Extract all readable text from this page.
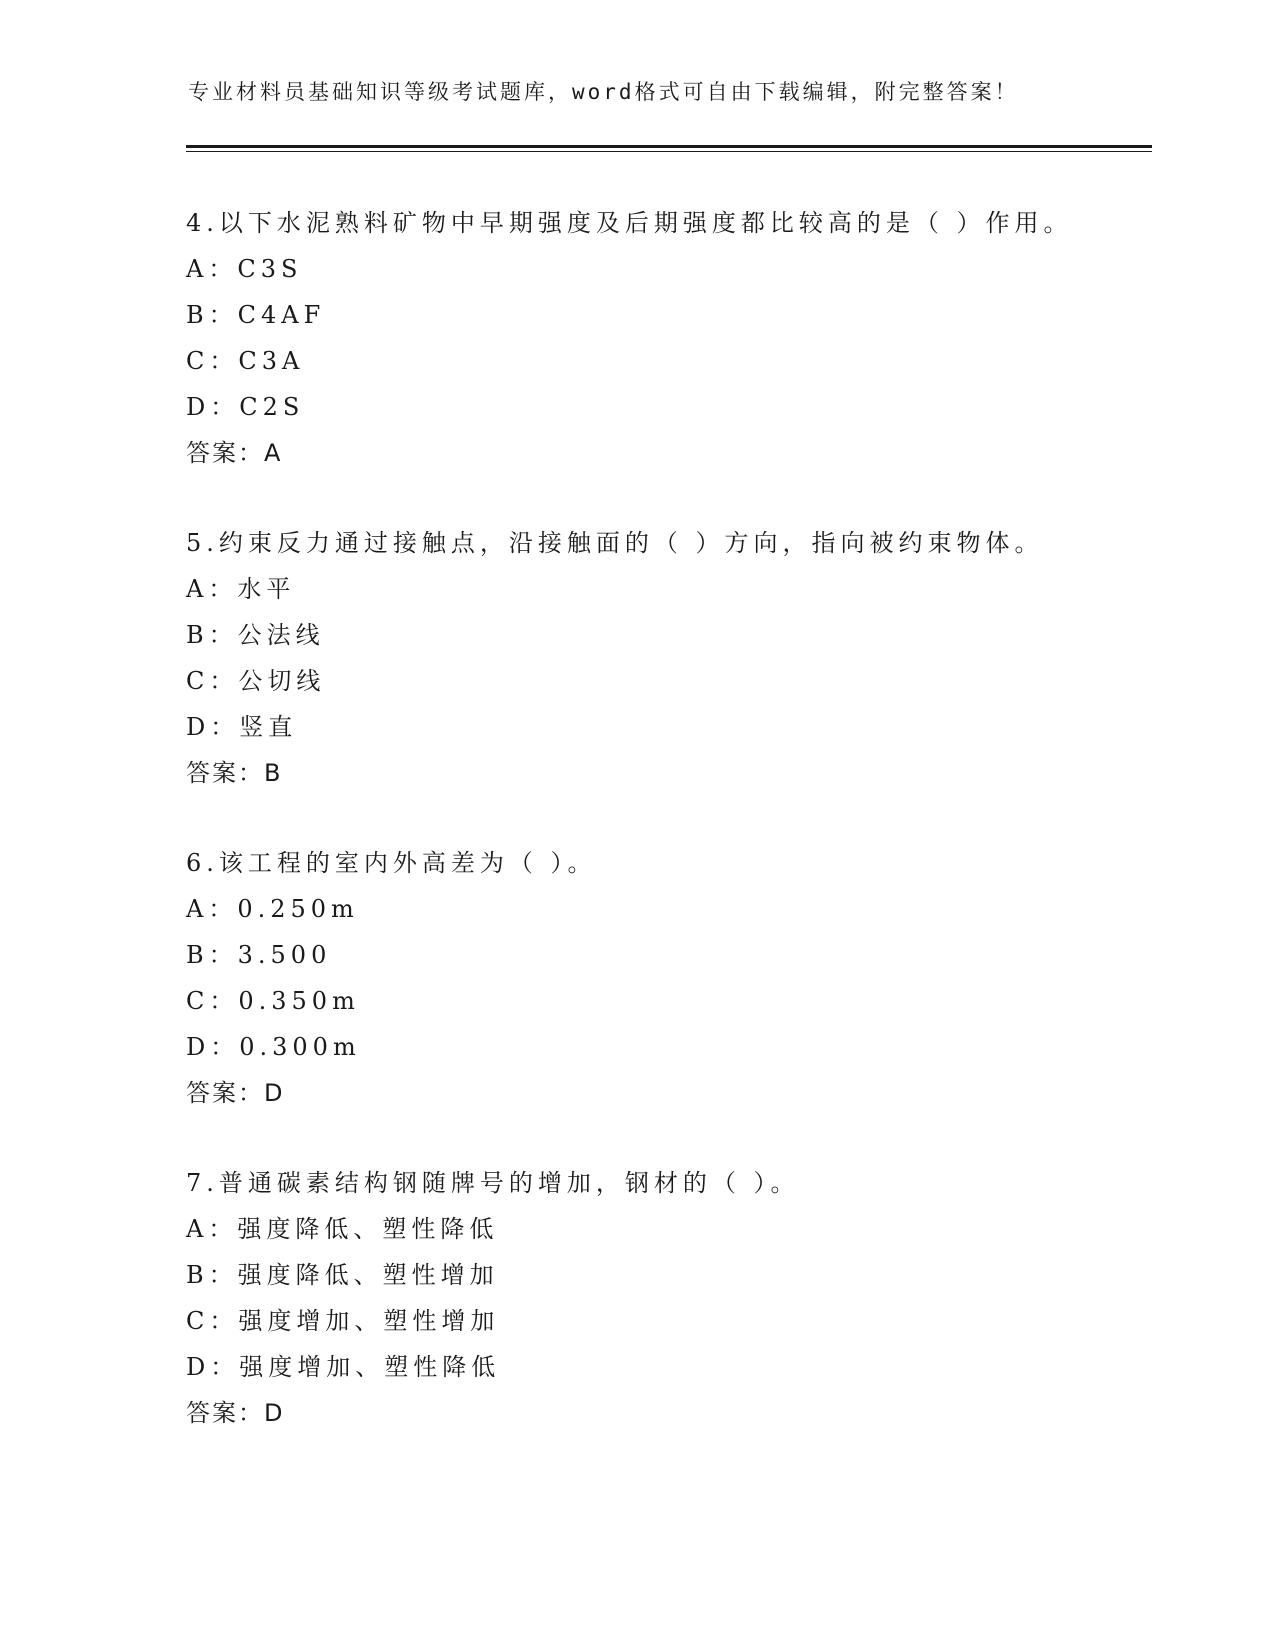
专业材料员基础知识等级考试题库，word格式可自由下载编辑，附完整答案！
4.以下水泥熟料矿物中早期强度及后期强度都比较高的是（ ）作用。
A：C3S
B：C4AF
C：C3A
D：C2S
答案：A
5.约束反力通过接触点，沿接触面的（ ）方向，指向被约束物体。
A：水平
B：公法线
C：公切线
D：竖直
答案：B
6.该工程的室内外高差为（ ）。
A：0.250m
B：3.500
C：0.350m
D：0.300m
答案：D
7.普通碳素结构钢随牌号的增加，钢材的（ ）。
A：强度降低、塑性降低
B：强度降低、塑性增加
C：强度增加、塑性增加
D：强度增加、塑性降低
答案：D
